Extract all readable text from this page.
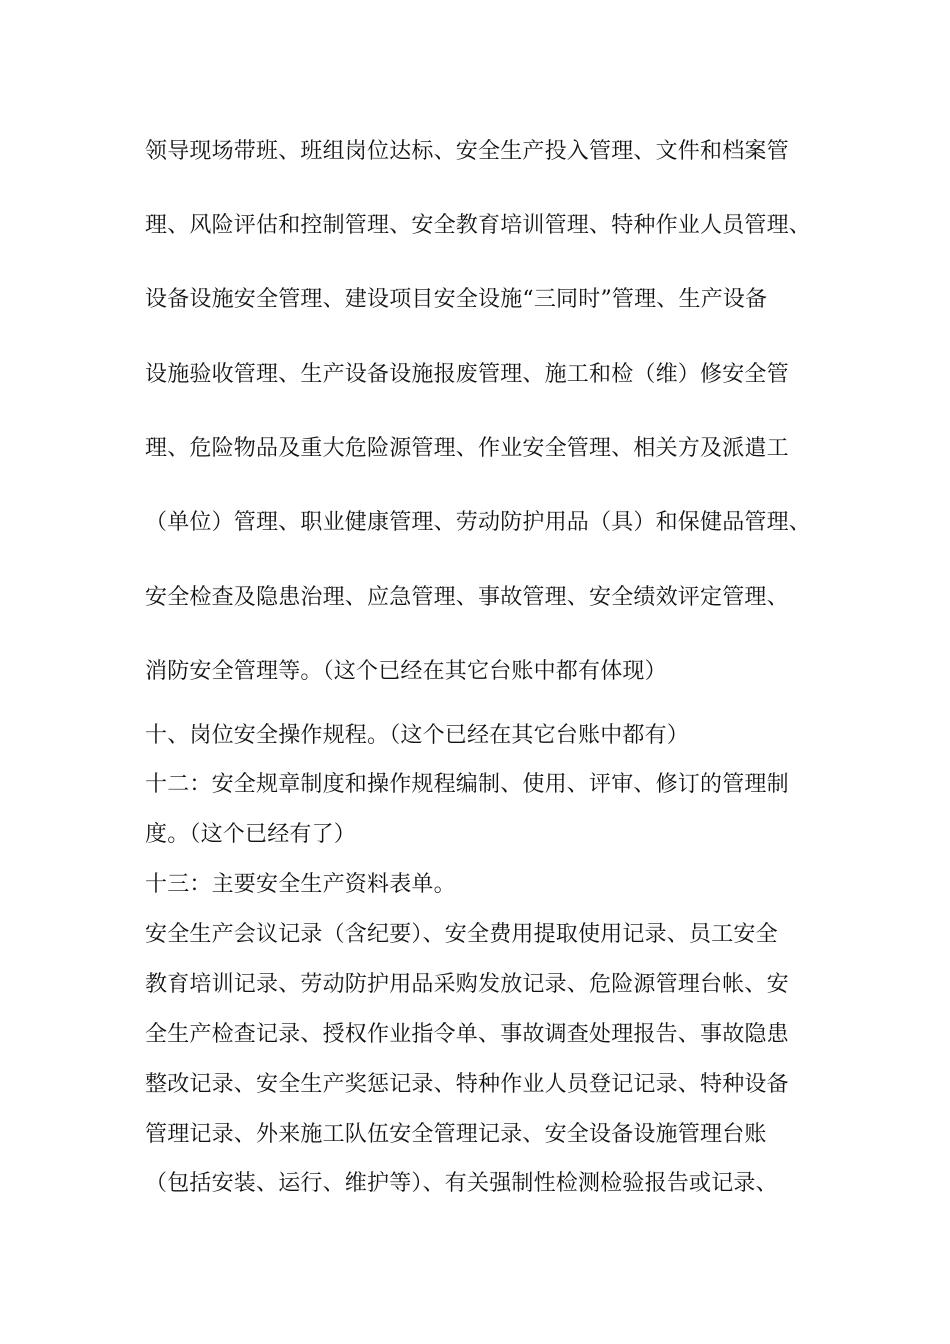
领导现场带班、班组岗位达标、安全生产投入管理、文件和档案管
理、风险评估和控制管理、安全教育培训管理、特种作业人员管理、
设备设施安全管理、建设项目安全设施“三同时”管理、生产设备
设施验收管理、生产设备设施报废管理、施工和检（维）修安全管
理、危险物品及重大危险源管理、作业安全管理、相关方及派遣工
（单位）管理、职业健康管理、劳动防护用品（具）和保健品管理、
安全检查及隐患治理、应急管理、事故管理、安全绩效评定管理、
消防安全管理等。（这个已经在其它台账中都有体现）
十、岗位安全操作规程。（这个已经在其它台账中都有）
十二：安全规章制度和操作规程编制、使用、评审、修订的管理制
度。（这个已经有了）
十三：主要安全生产资料表单。
安全生产会议记录（含纪要）、安全费用提取使用记录、员工安全
教育培训记录、劳动防护用品采购发放记录、危险源管理台帐、安
全生产检查记录、授权作业指令单、事故调查处理报告、事故隐患
整改记录、安全生产奖惩记录、特种作业人员登记记录、特种设备
管理记录、外来施工队伍安全管理记录、安全设备设施管理台账
（包括安装、运行、维护等）、有关强制性检测检验报告或记录、
